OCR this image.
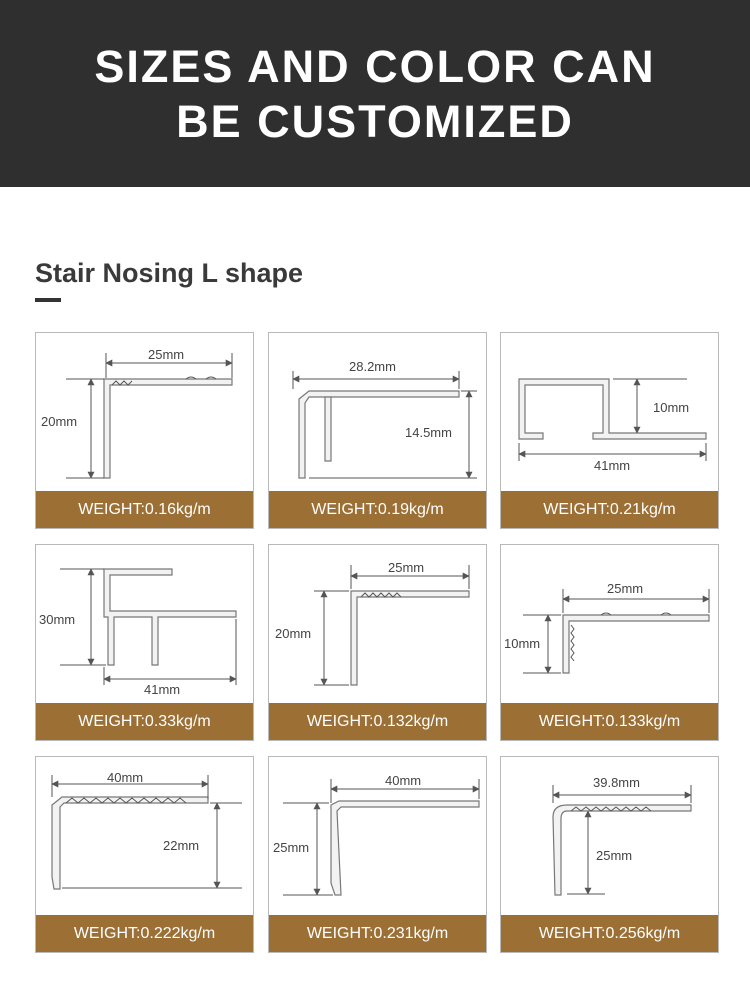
SIZES AND COLOR CAN
BE CUSTOMIZED
Stair Nosing L shape
25mm
20mm
WEIGHT:0.16kg/m
28.2mm
14.5mm
WEIGHT:0.19kg/m
10mm
41mm
WEIGHT:0.21kg/m
30mm
41mm
WEIGHT:0.33kg/m
25mm
20mm
WEIGHT:0.132kg/m
25mm
10mm
WEIGHT:0.133kg/m
40mm
22mm
WEIGHT:0.222kg/m
40mm
25mm
WEIGHT:0.231kg/m
39.8mm
25mm
WEIGHT:0.256kg/m
